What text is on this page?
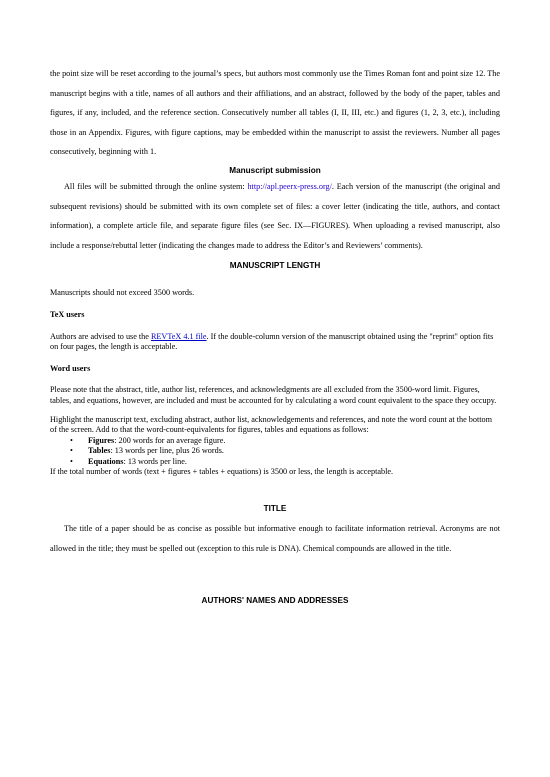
the point size will be reset according to the journal’s specs, but authors most commonly use the Times Roman font and point size 12. The manuscript begins with a title, names of all authors and their affiliations, and an abstract, followed by the body of the paper, tables and figures, if any, included, and the reference section. Consecutively number all tables (I, II, III, etc.) and figures (1, 2, 3, etc.), including those in an Appendix. Figures, with figure captions, may be embedded within the manuscript to assist the reviewers. Number all pages consecutively, beginning with 1.

Manuscript submission

All files will be submitted through the online system: http://apl.peerx-press.org/. Each version of the manuscript (the original and subsequent revisions) should be submitted with its own complete set of files: a cover letter (indicating the title, authors, and contact information), a complete article file, and separate figure files (see Sec. IX—FIGURES). When uploading a revised manuscript, also include a response/rebuttal letter (indicating the changes made to address the Editor’s and Reviewers’ comments).

MANUSCRIPT LENGTH

Manuscripts should not exceed 3500 words.

TeX users

Authors are advised to use the REVTeX 4.1 file. If the double-column version of the manuscript obtained using the "reprint" option fits on four pages, the length is acceptable.

Word users

Please note that the abstract, title, author list, references, and acknowledgments are all excluded from the 3500-word limit. Figures, tables, and equations, however, are included and must be accounted for by calculating a word count equivalent to the space they occupy.

Highlight the manuscript text, excluding abstract, author list, acknowledgements and references, and note the word count at the bottom of the screen. Add to that the word-count-equivalents for figures, tables and equations as follows:

• Figures: 200 words for an average figure.
• Tables: 13 words per line, plus 26 words.
• Equations: 13 words per line.

If the total number of words (text + figures + tables + equations) is 3500 or less, the length is acceptable.

TITLE

The title of a paper should be as concise as possible but informative enough to facilitate information retrieval. Acronyms are not allowed in the title; they must be spelled out (exception to this rule is DNA). Chemical compounds are allowed in the title.

AUTHORS' NAMES AND ADDRESSES
